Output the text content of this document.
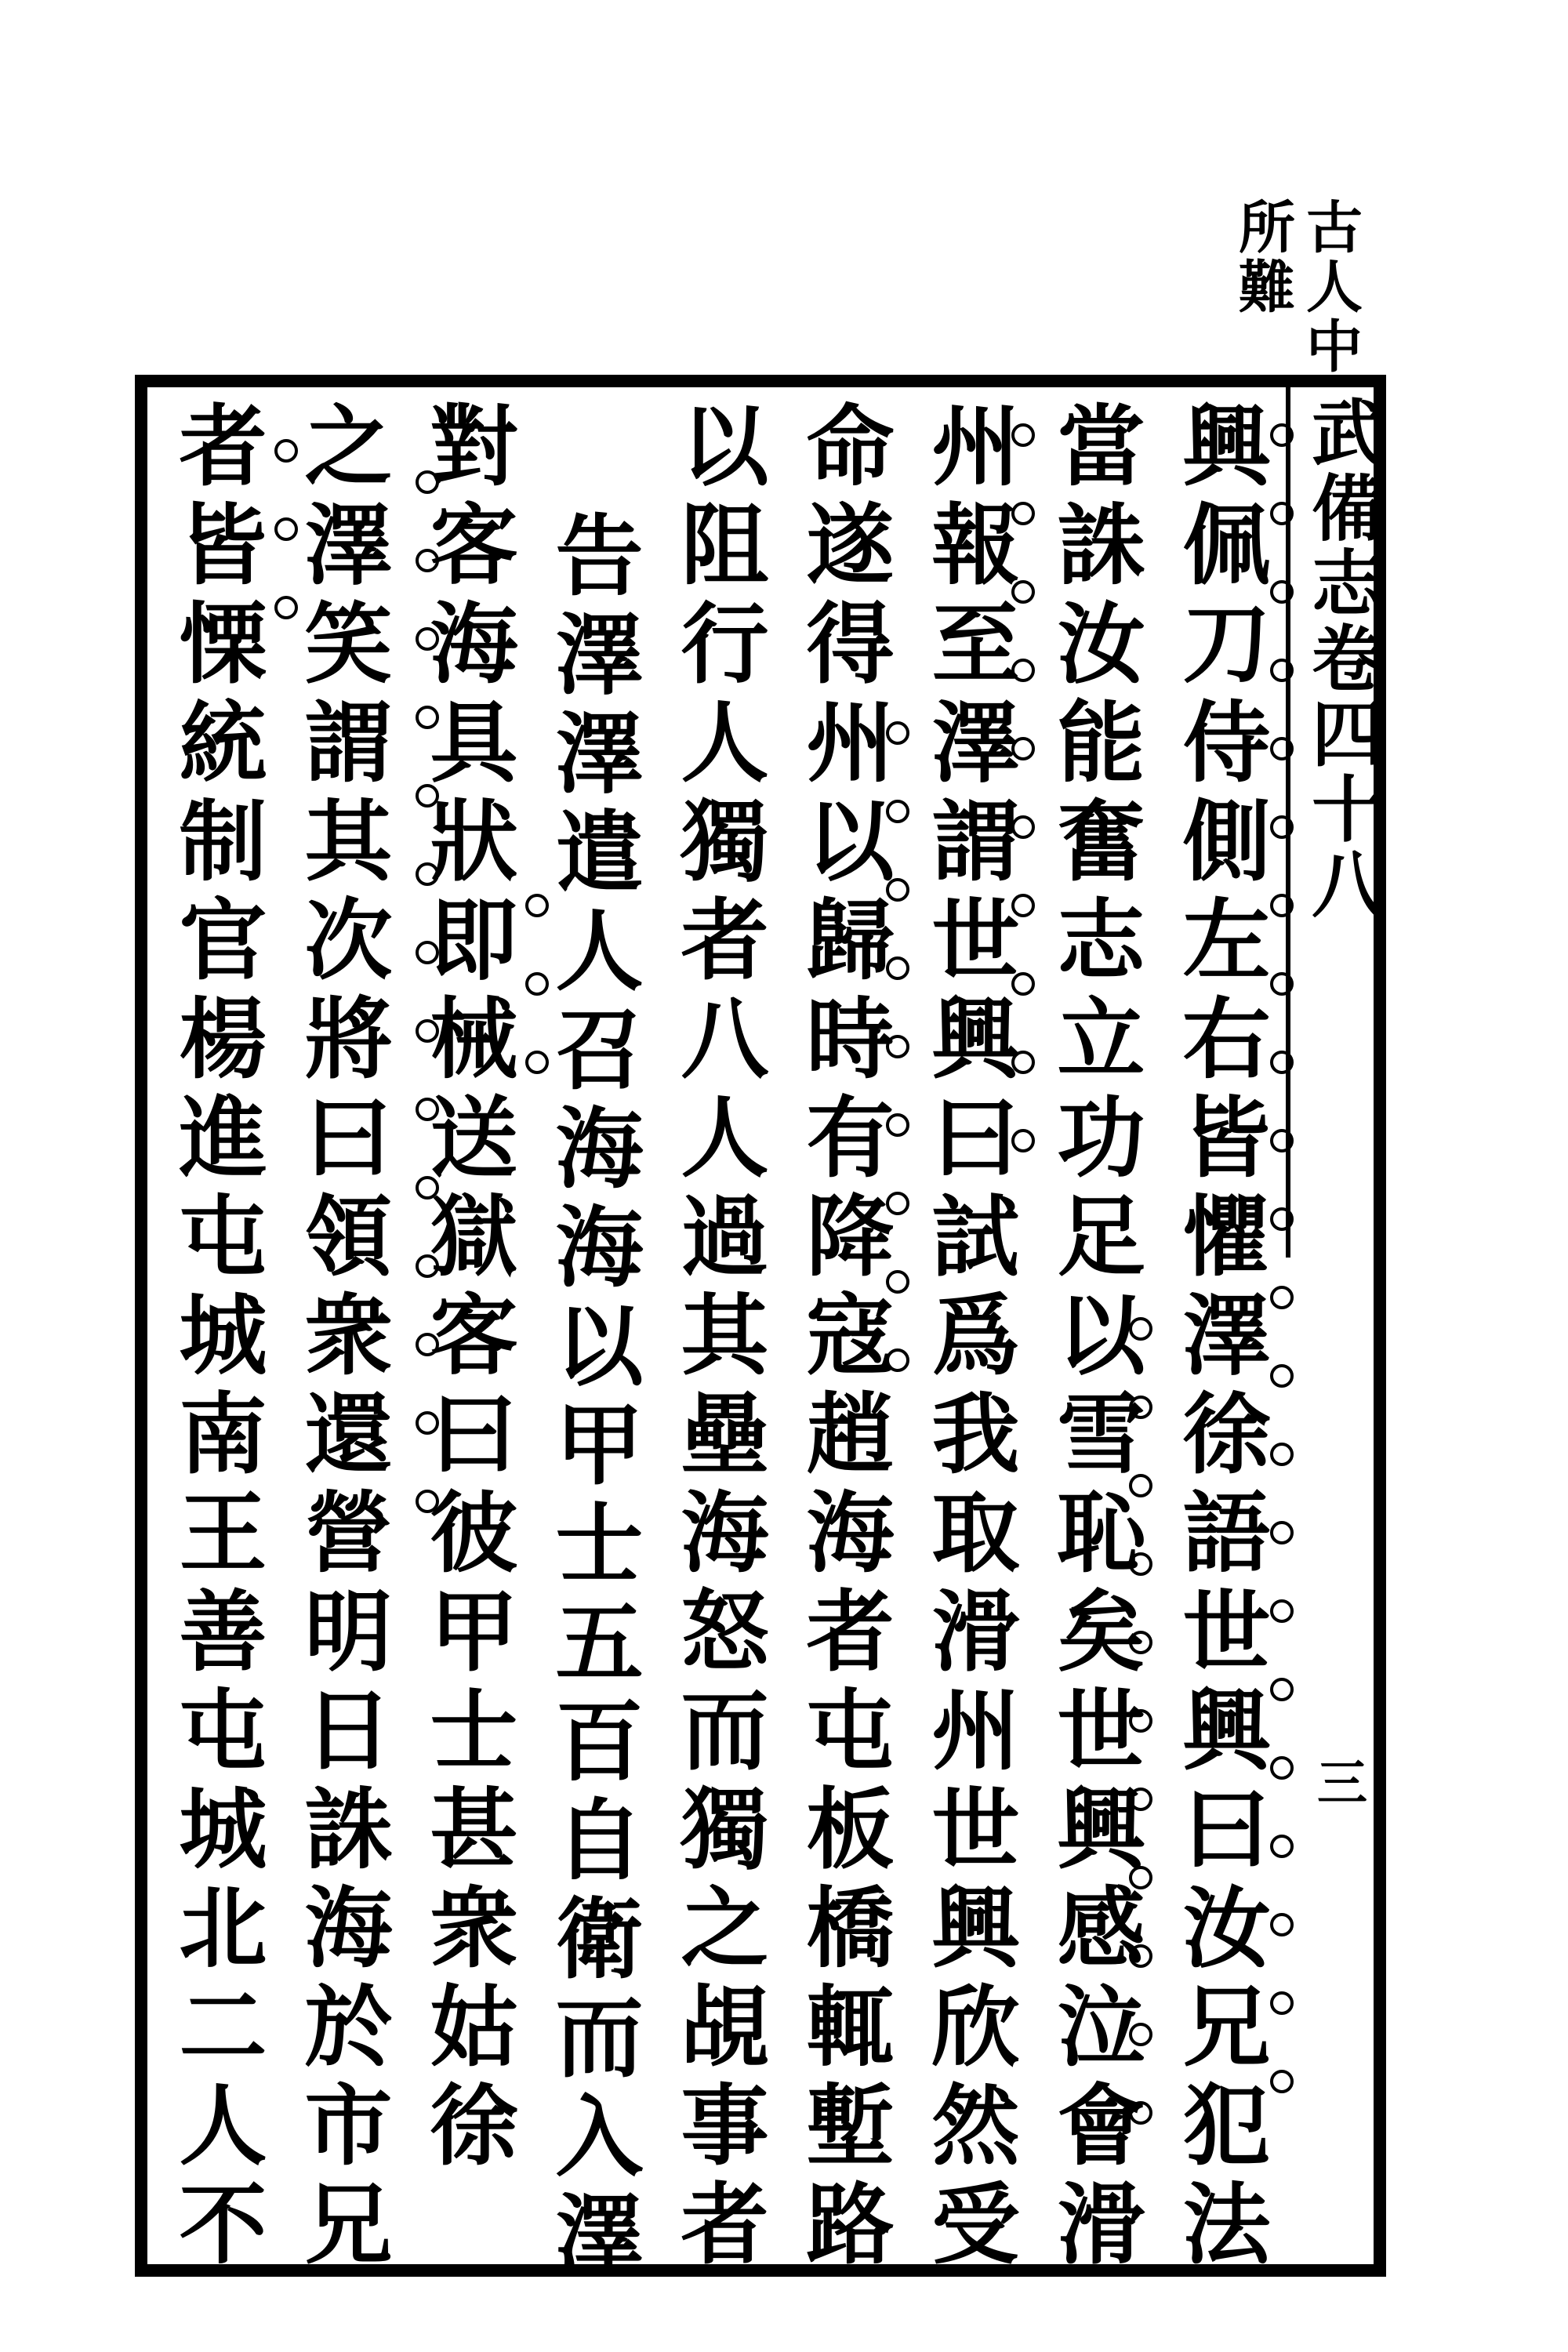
古人中
所難
武備志卷四十八
三
興佩刀侍側左右皆懼澤徐語世興曰汝兄犯法
當誅汝能奮志立功足以雪恥矣世興感泣會滑
州報至澤謂世興曰試爲我取滑州世興欣然受
命遂得州以歸時有降寇趙海者屯板橋輒塹路
以阻行人獨者八人過其壘海怒而獨之覘事者
告澤澤遣人召海海以甲士五百自衛而入澤
對客海具狀即械送獄客曰彼甲士甚衆姑徐
之澤笑謂其次將曰領衆還營明日誅海於市兄
者皆慄統制官楊進屯城南王善屯城北二人不
